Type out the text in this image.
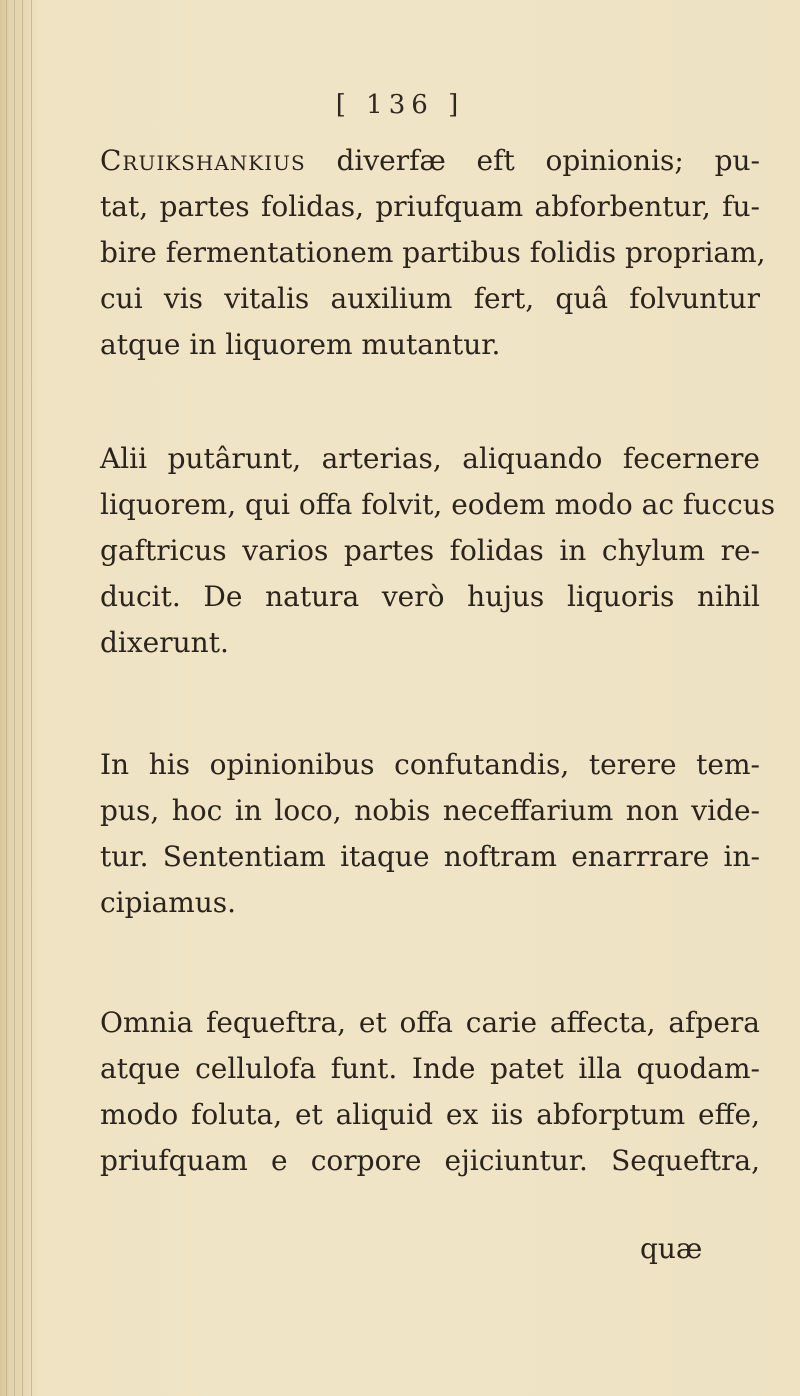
[ 136 ]
Cruikshankius diverfæ eft opinionis; pu-
tat, partes folidas, priufquam abforbentur, fu-
bire fermentationem partibus folidis propriam,
cui vis vitalis auxilium fert, quâ folvuntur
atque in liquorem mutantur.
Alii putârunt, arterias, aliquando fecernere
liquorem, qui offa folvit, eodem modo ac fuccus
gaftricus varios partes folidas in chylum re-
ducit. De natura verò hujus liquoris nihil
dixerunt.
In his opinionibus confutandis, terere tem-
pus, hoc in loco, nobis neceffarium non vide-
tur. Sententiam itaque noftram enarrrare in-
cipiamus.
Omnia fequeftra, et offa carie affecta, afpera
atque cellulofa funt. Inde patet illa quodam-
modo foluta, et aliquid ex iis abforptum effe,
priufquam e corpore ejiciuntur. Sequeftra,
quæ
